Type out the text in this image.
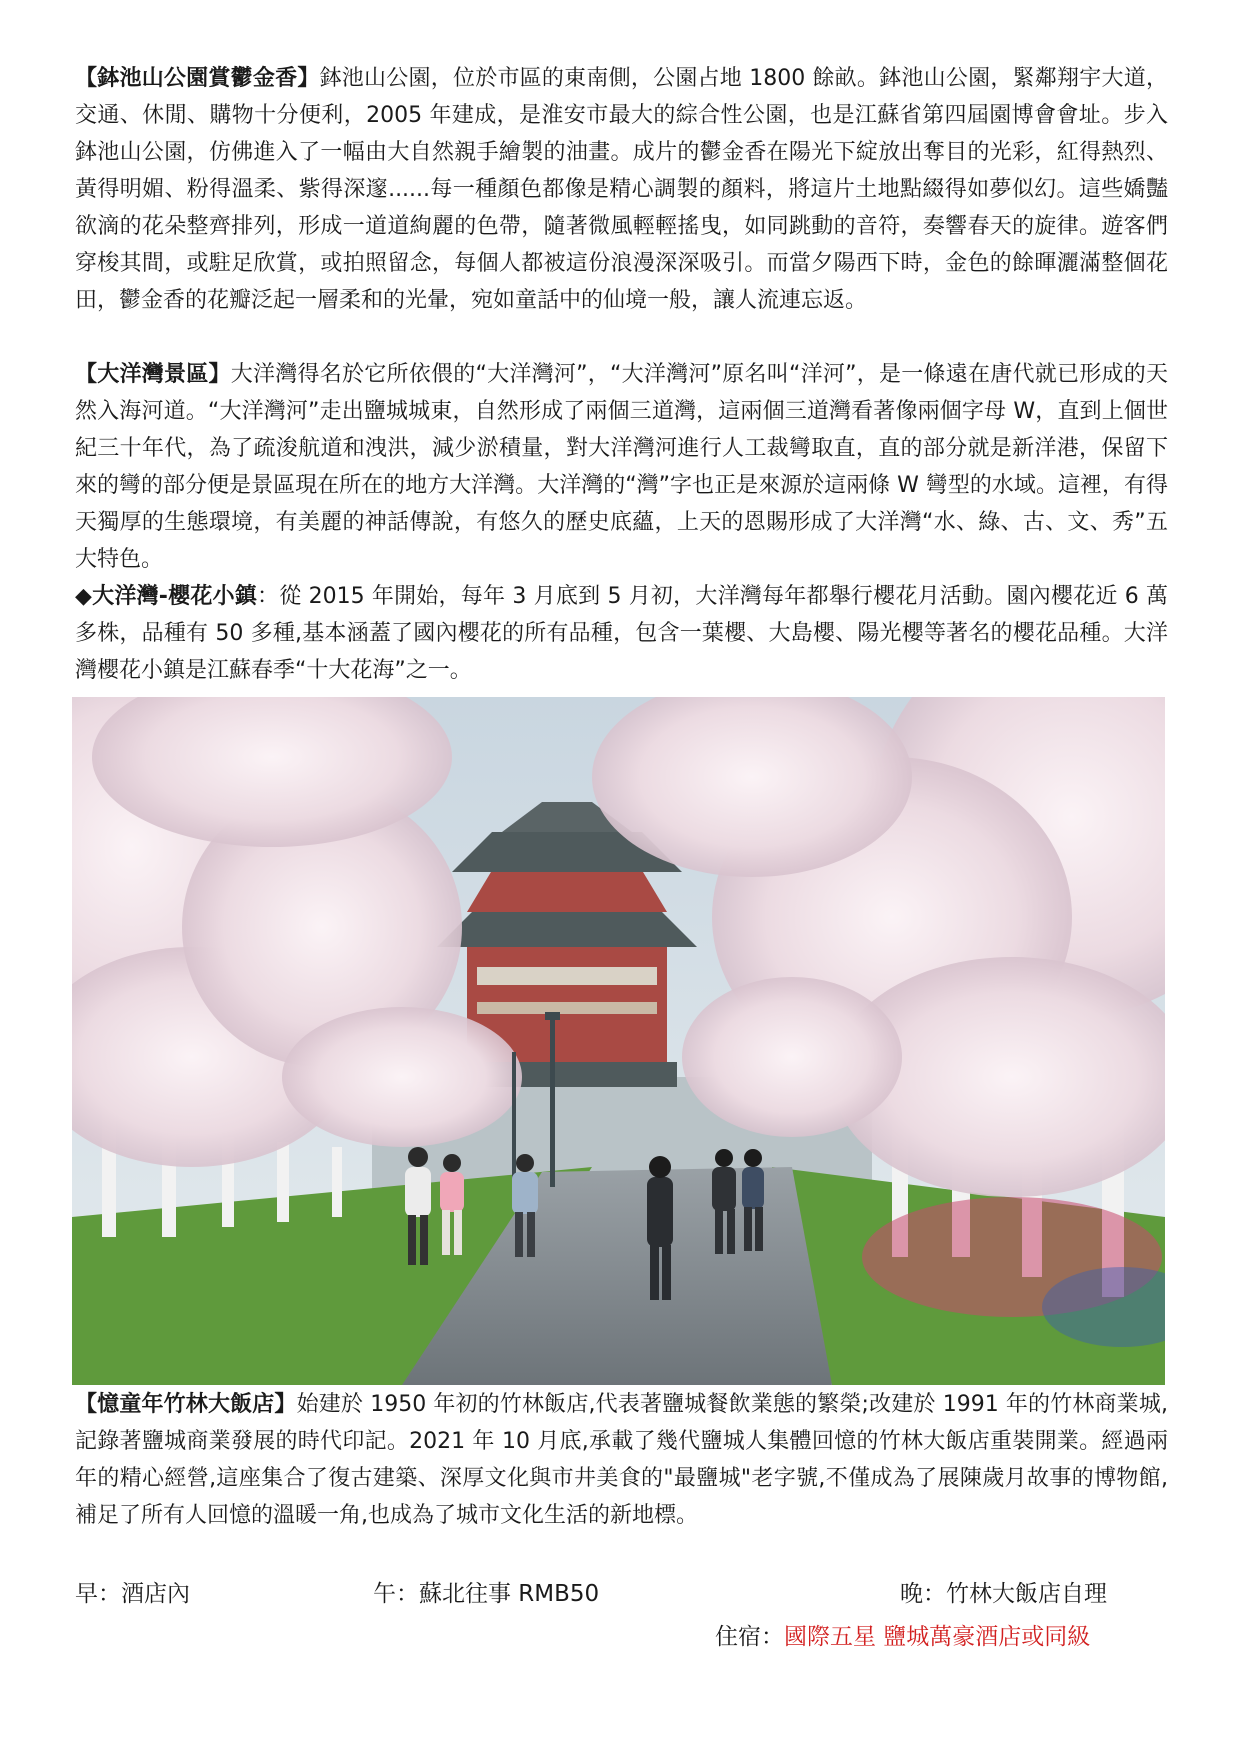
【鉢池山公園賞鬱金香】鉢池山公園，位於市區的東南側，公園占地 1800 餘畝。鉢池山公園，緊鄰翔宇大道，交通、休閒、購物十分便利，2005 年建成，是淮安市最大的綜合性公園，也是江蘇省第四屆園博會會址。步入鉢池山公園，仿佛進入了一幅由大自然親手繪製的油畫。成片的鬱金香在陽光下綻放出奪目的光彩，紅得熱烈、黃得明媚、粉得溫柔、紫得深邃......每一種顏色都像是精心調製的顏料，將這片土地點綴得如夢似幻。這些嬌豔欲滴的花朵整齊排列，形成一道道絢麗的色帶，隨著微風輕輕搖曳，如同跳動的音符，奏響春天的旋律。遊客們穿梭其間，或駐足欣賞，或拍照留念，每個人都被這份浪漫深深吸引。而當夕陽西下時，金色的餘暉灑滿整個花田，鬱金香的花瓣泛起一層柔和的光暈，宛如童話中的仙境一般，讓人流連忘返。

【大洋灣景區】大洋灣得名於它所依偎的“大洋灣河”，“大洋灣河”原名叫“洋河”，是一條遠在唐代就已形成的天然入海河道。“大洋灣河”走出鹽城城東，自然形成了兩個三道灣，這兩個三道灣看著像兩個字母 W，直到上個世紀三十年代，為了疏浚航道和洩洪，減少淤積量，對大洋灣河進行人工裁彎取直，直的部分就是新洋港，保留下來的彎的部分便是景區現在所在的地方大洋灣。大洋灣的“灣”字也正是來源於這兩條 W 彎型的水域。這裡，有得天獨厚的生態環境，有美麗的神話傳說，有悠久的歷史底蘊，上天的恩賜形成了大洋灣“水、綠、古、文、秀”五大特色。

◆大洋灣-櫻花小鎮：從 2015 年開始，每年 3 月底到 5 月初，大洋灣每年都舉行櫻花月活動。園內櫻花近 6 萬多株，品種有 50 多種,基本涵蓋了國內櫻花的所有品種，包含一葉櫻、大島櫻、陽光櫻等著名的櫻花品種。大洋灣櫻花小鎮是江蘇春季“十大花海”之一。

【憶童年竹林大飯店】始建於 1950 年初的竹林飯店,代表著鹽城餐飲業態的繁榮;改建於 1991 年的竹林商業城,記錄著鹽城商業發展的時代印記。2021 年 10 月底,承載了幾代鹽城人集體回憶的竹林大飯店重裝開業。經過兩年的精心經營,這座集合了復古建築、深厚文化與市井美食的"最鹽城"老字號,不僅成為了展陳歲月故事的博物館,補足了所有人回憶的溫暖一角,也成為了城市文化生活的新地標。

早：酒店內	午：蘇北往事 RMB50	晚：竹林大飯店自理
住宿：國際五星 鹽城萬豪酒店或同級
